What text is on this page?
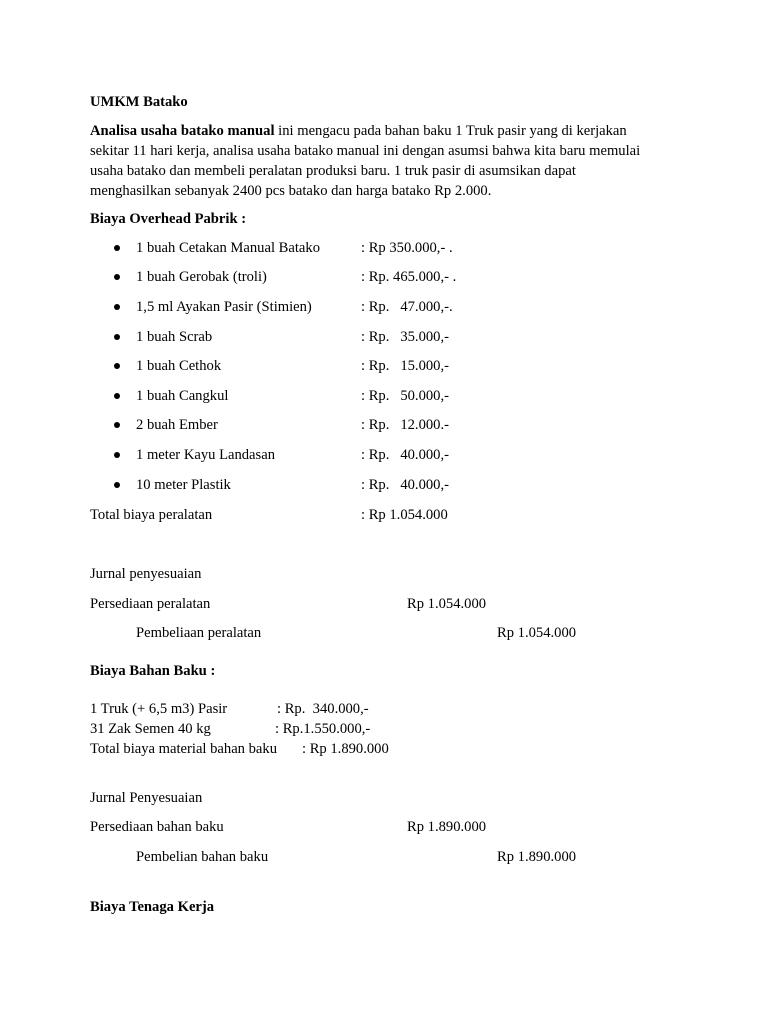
UMKM Batako
Analisa usaha batako manual ini mengacu pada bahan baku 1 Truk pasir yang di kerjakan
sekitar 11 hari kerja, analisa usaha batako manual ini dengan asumsi bahwa kita baru memulai
usaha batako dan membeli peralatan produksi baru. 1 truk pasir di asumsikan dapat
menghasilkan sebanyak 2400 pcs batako dan harga batako Rp 2.000.
Biaya Overhead Pabrik :
1 buah Cetakan Manual Batako	: Rp 350.000,- .
1 buah Gerobak (troli)	: Rp. 465.000,- .
1,5 ml Ayakan Pasir (Stimien)	: Rp.   47.000,-.
1 buah Scrab	: Rp.   35.000,-
1 buah Cethok	: Rp.   15.000,-
1 buah Cangkul	: Rp.   50.000,-
2 buah Ember	: Rp.   12.000.-
1 meter Kayu Landasan	: Rp.   40.000,-
10 meter Plastik	: Rp.   40.000,-
Total biaya peralatan	: Rp 1.054.000
Jurnal penyesuaian
Persediaan peralatan	Rp 1.054.000
Pembeliaan peralatan	Rp 1.054.000
Biaya Bahan Baku :
1 Truk (+ 6,5 m3) Pasir	: Rp.  340.000,-
31 Zak Semen 40 kg	: Rp.1.550.000,-
Total biaya material bahan baku : Rp 1.890.000
Jurnal Penyesuaian
Persediaan bahan baku	Rp 1.890.000
Pembelian bahan baku	Rp 1.890.000
Biaya Tenaga Kerja
